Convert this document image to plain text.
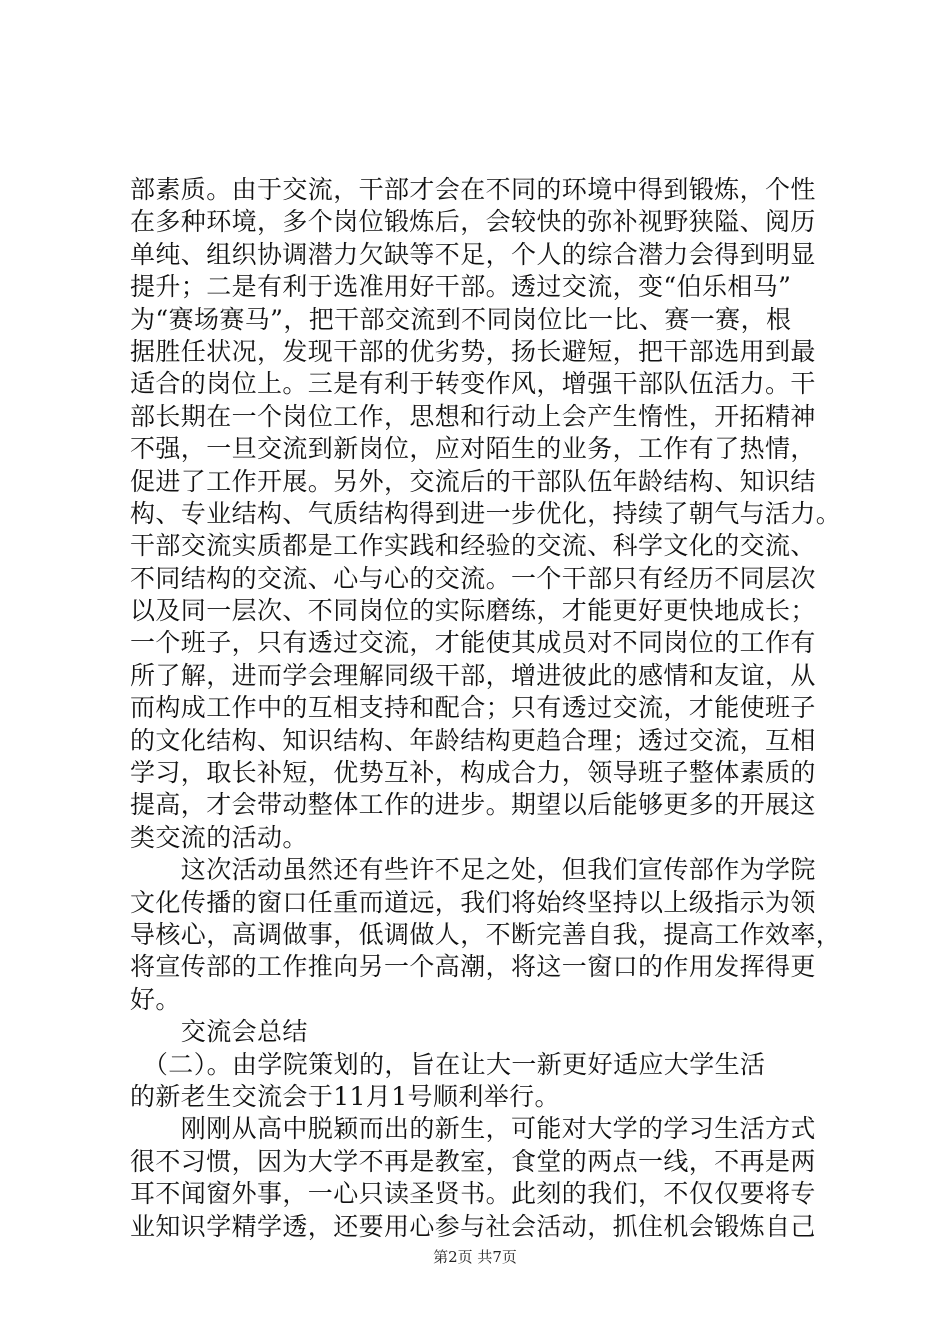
部素质。由于交流，干部才会在不同的环境中得到锻炼，个性
在多种环境，多个岗位锻炼后，会较快的弥补视野狭隘、阅历
单纯、组织协调潜力欠缺等不足，个人的综合潜力会得到明显
提升；二是有利于选准用好干部。透过交流，变“伯乐相马”
为“赛场赛马”，把干部交流到不同岗位比一比、赛一赛，根
据胜任状况，发现干部的优劣势，扬长避短，把干部选用到最
适合的岗位上。三是有利于转变作风，增强干部队伍活力。干
部长期在一个岗位工作，思想和行动上会产生惰性，开拓精神
不强，一旦交流到新岗位，应对陌生的业务，工作有了热情，
促进了工作开展。另外，交流后的干部队伍年龄结构、知识结
构、专业结构、气质结构得到进一步优化，持续了朝气与活力。
干部交流实质都是工作实践和经验的交流、科学文化的交流、
不同结构的交流、心与心的交流。一个干部只有经历不同层次
以及同一层次、不同岗位的实际磨练，才能更好更快地成长；
一个班子，只有透过交流，才能使其成员对不同岗位的工作有
所了解，进而学会理解同级干部，增进彼此的感情和友谊，从
而构成工作中的互相支持和配合；只有透过交流，才能使班子
的文化结构、知识结构、年龄结构更趋合理；透过交流，互相
学习，取长补短，优势互补，构成合力，领导班子整体素质的
提高，才会带动整体工作的进步。期望以后能够更多的开展这
类交流的活动。
　　这次活动虽然还有些许不足之处，但我们宣传部作为学院
文化传播的窗口任重而道远，我们将始终坚持以上级指示为领
导核心，高调做事，低调做人，不断完善自我，提高工作效率，
将宣传部的工作推向另一个高潮，将这一窗口的作用发挥得更
好。
　　交流会总结
　（二）。由学院策划的，旨在让大一新更好适应大学生活
的新老生交流会于11月1号顺利举行。
　　刚刚从高中脱颖而出的新生，可能对大学的学习生活方式
很不习惯，因为大学不再是教室，食堂的两点一线，不再是两
耳不闻窗外事，一心只读圣贤书。此刻的我们，不仅仅要将专
业知识学精学透，还要用心参与社会活动，抓住机会锻炼自己
第2页 共7页
